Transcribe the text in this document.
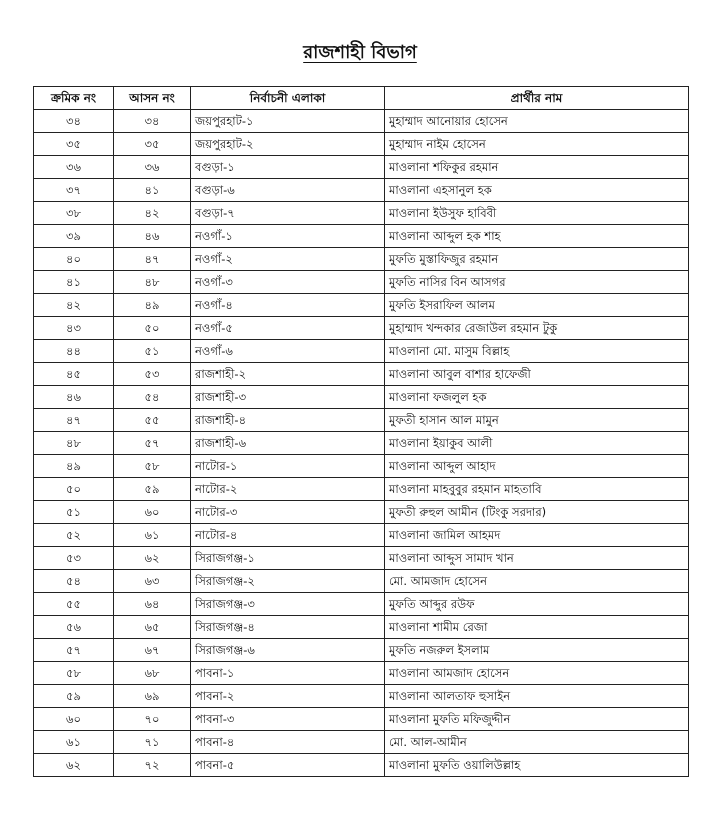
রাজশাহী বিভাগ
ক্রমিক নং	আসন নং	নির্বাচনী এলাকা	প্রার্থীর নাম
৩৪	৩৪	জয়পুরহাট-১	মুহাম্মাদ আনোয়ার হোসেন
৩৫	৩৫	জয়পুরহাট-২	মুহাম্মাদ নাইম হোসেন
৩৬	৩৬	বগুড়া-১	মাওলানা শফিকুর রহমান
৩৭	৪১	বগুড়া-৬	মাওলানা এহসানুল হক
৩৮	৪২	বগুড়া-৭	মাওলানা ইউসুফ হাবিবী
৩৯	৪৬	নওগাঁ-১	মাওলানা আব্দুল হক শাহ
৪০	৪৭	নওগাঁ-২	মুফতি মুস্তাফিজুর রহমান
৪১	৪৮	নওগাঁ-৩	মুফতি নাসির বিন আসগর
৪২	৪৯	নওগাঁ-৪	মুফতি ইসরাফিল আলম
৪৩	৫০	নওগাঁ-৫	মুহাম্মাদ খন্দকার রেজাউল রহমান টুকু
৪৪	৫১	নওগাঁ-৬	মাওলানা মো. মাসুম বিল্লাহ
৪৫	৫৩	রাজশাহী-২	মাওলানা আবুল বাশার হাফেজী
৪৬	৫৪	রাজশাহী-৩	মাওলানা ফজলুল হক
৪৭	৫৫	রাজশাহী-৪	মুফতী হাসান আল মামুন
৪৮	৫৭	রাজশাহী-৬	মাওলানা ইয়াকুব আলী
৪৯	৫৮	নাটোর-১	মাওলানা আব্দুল আহাদ
৫০	৫৯	নাটোর-২	মাওলানা মাহবুবুর রহমান মাহতাবি
৫১	৬০	নাটোর-৩	মুফতী রুহুল আমীন (টিংকু সরদার)
৫২	৬১	নাটোর-৪	মাওলানা জামিল আহমদ
৫৩	৬২	সিরাজগঞ্জ-১	মাওলানা আব্দুস সামাদ খান
৫৪	৬৩	সিরাজগঞ্জ-২	মো. আমজাদ হোসেন
৫৫	৬৪	সিরাজগঞ্জ-৩	মুফতি আব্দুর রউফ
৫৬	৬৫	সিরাজগঞ্জ-৪	মাওলানা শামীম রেজা
৫৭	৬৭	সিরাজগঞ্জ-৬	মুফতি নজরুল ইসলাম
৫৮	৬৮	পাবনা-১	মাওলানা আমজাদ হোসেন
৫৯	৬৯	পাবনা-২	মাওলানা আলতাফ হুসাইন
৬০	৭০	পাবনা-৩	মাওলানা মুফতি মফিজুদ্দীন
৬১	৭১	পাবনা-৪	মো. আল-আমীন
৬২	৭২	পাবনা-৫	মাওলানা মুফতি ওয়ালিউল্লাহ
